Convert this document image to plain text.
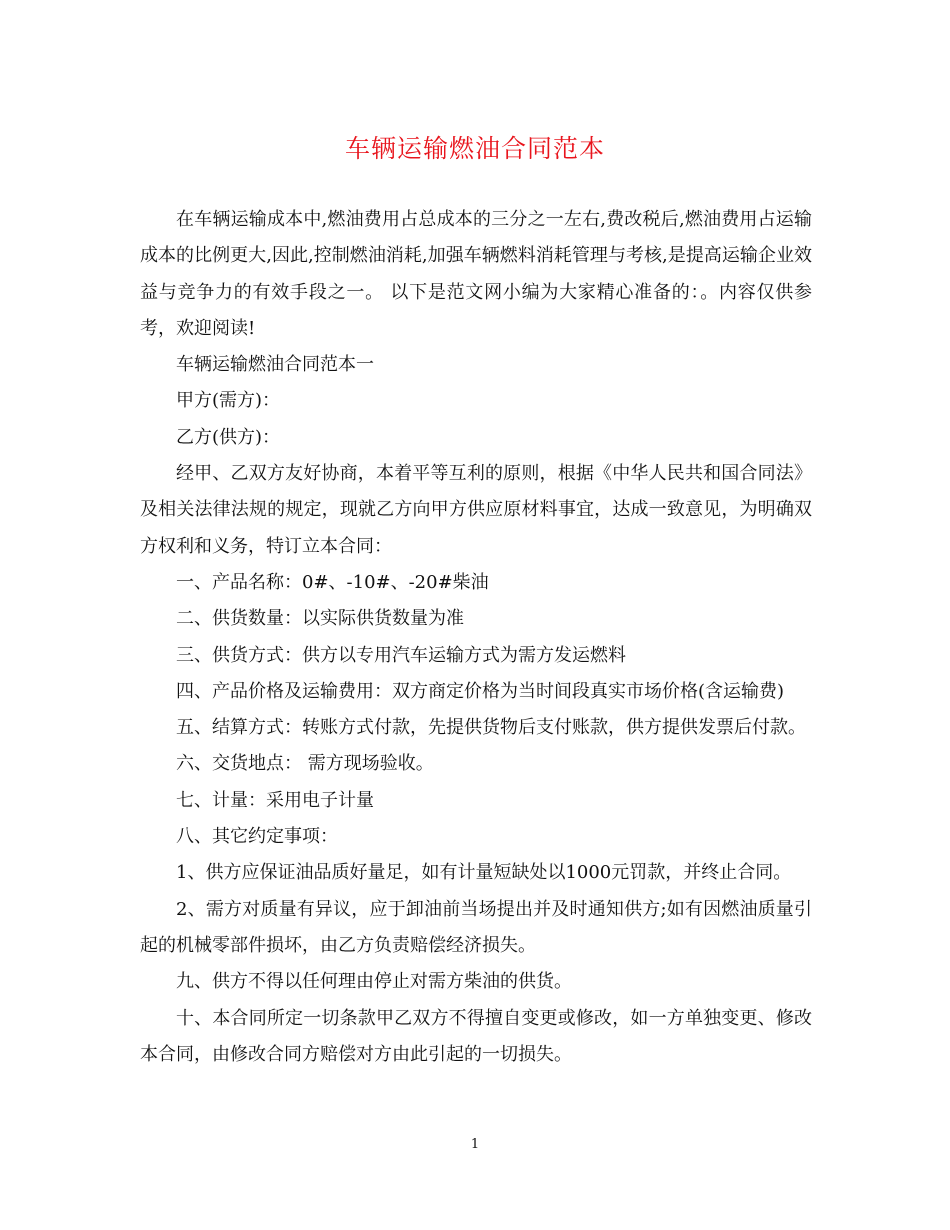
车辆运输燃油合同范本

在车辆运输成本中,燃油费用占总成本的三分之一左右,费改税后,燃油费用占运输成本的比例更大,因此,控制燃油消耗,加强车辆燃料消耗管理与考核,是提高运输企业效益与竞争力的有效手段之一。 以下是范文网小编为大家精心准备的：。内容仅供参考，欢迎阅读!

车辆运输燃油合同范本一

甲方(需方)：

乙方(供方)：

经甲、乙双方友好协商，本着平等互利的原则，根据《中华人民共和国合同法》及相关法律法规的规定，现就乙方向甲方供应原材料事宜，达成一致意见，为明确双方权利和义务，特订立本合同：

一、产品名称：0#、-10#、-20#柴油

二、供货数量：以实际供货数量为准

三、供货方式：供方以专用汽车运输方式为需方发运燃料

四、产品价格及运输费用：双方商定价格为当时间段真实市场价格(含运输费)

五、结算方式：转账方式付款，先提供货物后支付账款，供方提供发票后付款。

六、交货地点： 需方现场验收。

七、计量：采用电子计量

八、其它约定事项：

1、供方应保证油品质好量足，如有计量短缺处以1000元罚款，并终止合同。

2、需方对质量有异议，应于卸油前当场提出并及时通知供方;如有因燃油质量引起的机械零部件损坏，由乙方负责赔偿经济损失。

九、供方不得以任何理由停止对需方柴油的供货。

十、本合同所定一切条款甲乙双方不得擅自变更或修改，如一方单独变更、修改本合同，由修改合同方赔偿对方由此引起的一切损失。

1
